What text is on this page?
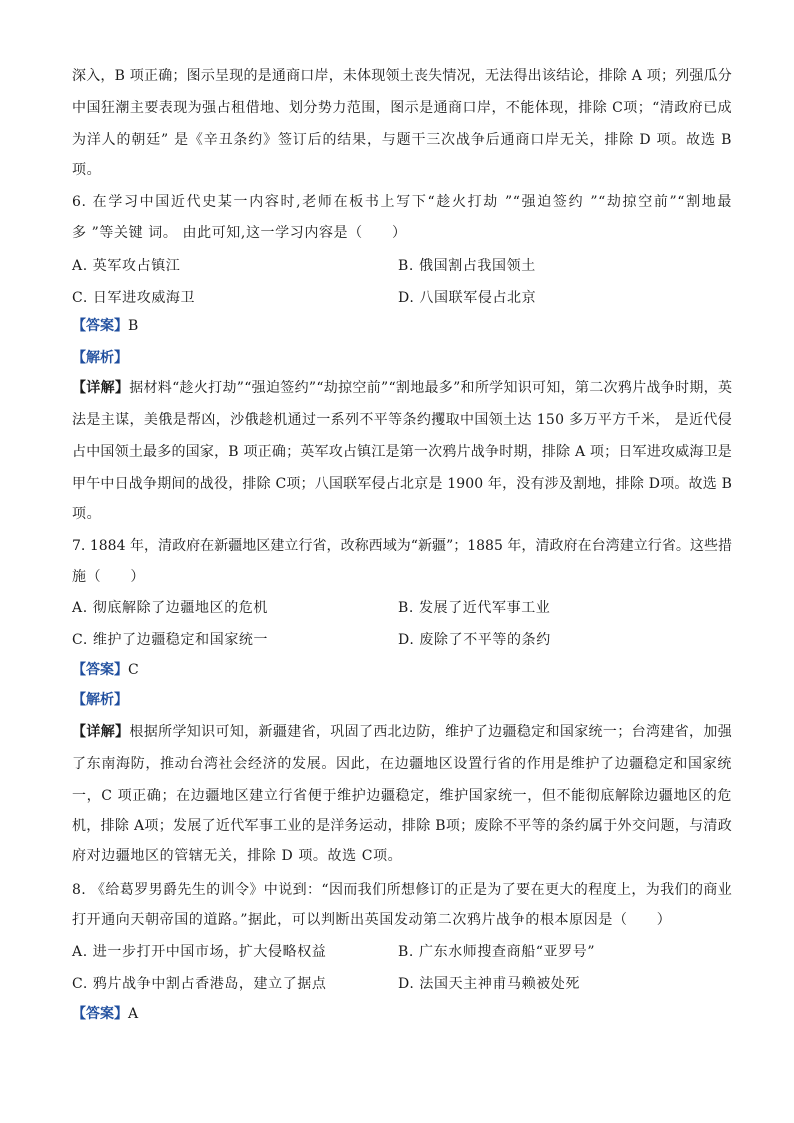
深入，B 项正确；图示呈现的是通商口岸，未体现领土丧失情况，无法得出该结论，排除 A 项；列强瓜分
中国狂潮主要表现为强占租借地、划分势力范围，图示是通商口岸，不能体现，排除 C项；“清政府已成
为洋人的朝廷” 是《辛丑条约》签订后的结果，与题干三次战争后通商口岸无关，排除 D 项。故选 B
项。
6. 在学习中国近代史某一内容时,老师在板书上写下“趁火打劫 ”“强迫签约 ”“劫掠空前”“割地最
多 ”等关键 词。 由此可知,这一学习内容是（　　）
A. 英军攻占镇江	B. 俄国割占我国领土
C. 日军进攻威海卫	D. 八国联军侵占北京
【答案】B
【解析】
【详解】据材料“趁火打劫”“强迫签约”“劫掠空前”“割地最多”和所学知识可知，第二次鸦片战争时期，英
法是主谋，美俄是帮凶，沙俄趁机通过一系列不平等条约攫取中国领土达 150 多万平方千米， 是近代侵
占中国领土最多的国家，B 项正确；英军攻占镇江是第一次鸦片战争时期，排除 A 项；日军进攻威海卫是
甲午中日战争期间的战役，排除 C项；八国联军侵占北京是 1900 年，没有涉及割地，排除 D项。故选 B
项。
7. 1884 年，清政府在新疆地区建立行省，改称西域为“新疆”；1885 年，清政府在台湾建立行省。这些措
施（　　）
A. 彻底解除了边疆地区的危机	B. 发展了近代军事工业
C. 维护了边疆稳定和国家统一	D. 废除了不平等的条约
【答案】C
【解析】
【详解】根据所学知识可知，新疆建省，巩固了西北边防，维护了边疆稳定和国家统一；台湾建省，加强
了东南海防，推动台湾社会经济的发展。因此，在边疆地区设置行省的作用是维护了边疆稳定和国家统
一，C 项正确；在边疆地区建立行省便于维护边疆稳定，维护国家统一，但不能彻底解除边疆地区的危
机，排除 A项；发展了近代军事工业的是洋务运动，排除 B项；废除不平等的条约属于外交问题，与清政
府对边疆地区的管辖无关，排除 D 项。故选 C项。
8. 《给葛罗男爵先生的训令》中说到：“因而我们所想修订的正是为了要在更大的程度上，为我们的商业
打开通向天朝帝国的道路。”据此，可以判断出英国发动第二次鸦片战争的根本原因是（　　）
A. 进一步打开中国市场，扩大侵略权益	B. 广东水师搜查商船“亚罗号”
C. 鸦片战争中割占香港岛，建立了据点	D. 法国天主神甫马赖被处死
【答案】A
